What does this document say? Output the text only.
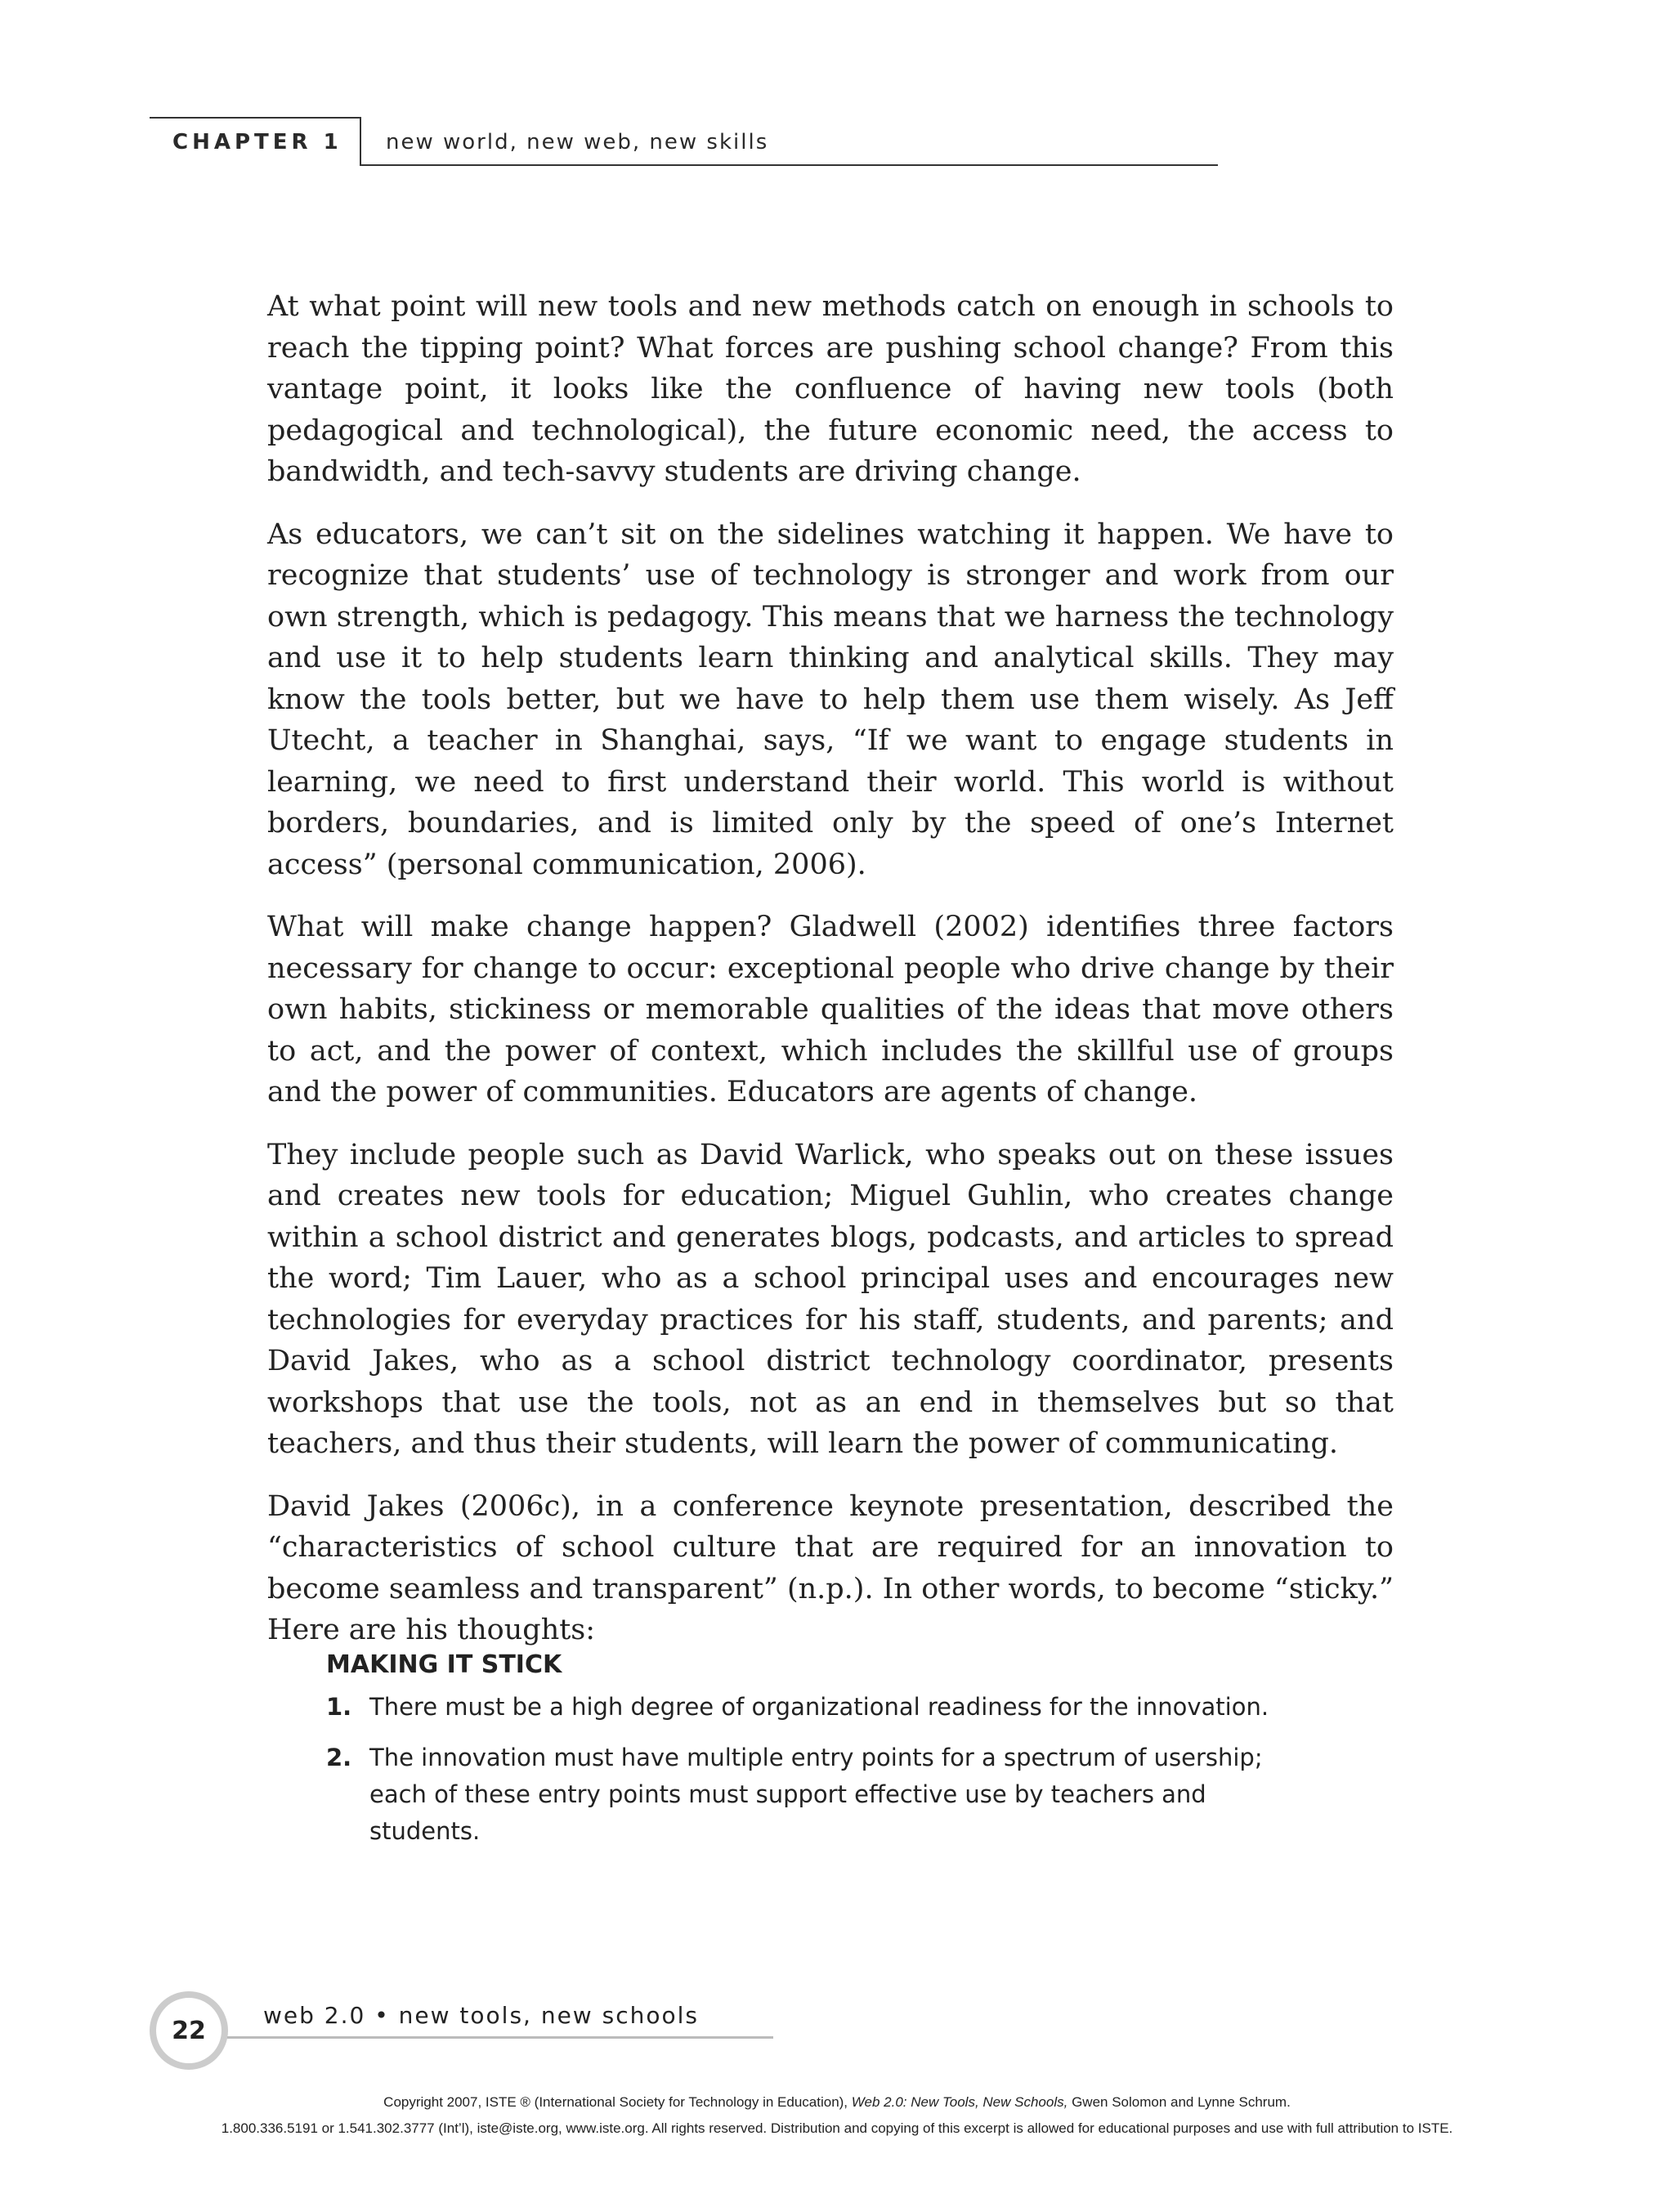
CHAPTER 1 new world, new web, new skills

At what point will new tools and new methods catch on enough in schools to reach the tipping point? What forces are pushing school change? From this vantage point, it looks like the confluence of having new tools (both pedagogical and technological), the future economic need, the access to bandwidth, and tech-savvy students are driving change.

As educators, we can’t sit on the sidelines watching it happen. We have to recognize that students’ use of technology is stronger and work from our own strength, which is pedagogy. This means that we harness the technology and use it to help students learn thinking and analytical skills. They may know the tools better, but we have to help them use them wisely. As Jeff Utecht, a teacher in Shanghai, says, “If we want to engage students in learning, we need to first understand their world. This world is without borders, boundaries, and is limited only by the speed of one’s Internet access” (personal communication, 2006).

What will make change happen? Gladwell (2002) identifies three factors necessary for change to occur: exceptional people who drive change by their own habits, stickiness or memorable qualities of the ideas that move others to act, and the power of context, which includes the skillful use of groups and the power of communities. Educators are agents of change.

They include people such as David Warlick, who speaks out on these issues and creates new tools for education; Miguel Guhlin, who creates change within a school district and generates blogs, podcasts, and articles to spread the word; Tim Lauer, who as a school principal uses and encourages new technologies for everyday practices for his staff, students, and parents; and David Jakes, who as a school district technology coordinator, presents workshops that use the tools, not as an end in themselves but so that teachers, and thus their students, will learn the power of communicating.

David Jakes (2006c), in a conference keynote presentation, described the “characteristics of school culture that are required for an innovation to become seamless and transparent” (n.p.). In other words, to become “sticky.” Here are his thoughts:

MAKING IT STICK
1. There must be a high degree of organizational readiness for the innovation.
2. The innovation must have multiple entry points for a spectrum of usership; each of these entry points must support effective use by teachers and students.
22
web 2.0 • new tools, new schools
Copyright 2007, ISTE ® (International Society for Technology in Education), Web 2.0: New Tools, New Schools, Gwen Solomon and Lynne Schrum.
1.800.336.5191 or 1.541.302.3777 (Int’l), iste@iste.org, www.iste.org. All rights reserved. Distribution and copying of this excerpt is allowed for educational purposes and use with full attribution to ISTE.
